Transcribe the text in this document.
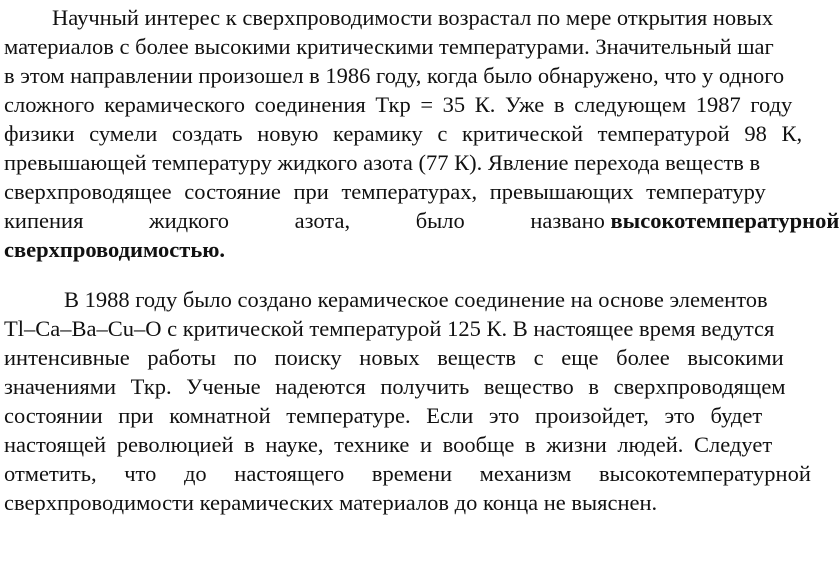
Научный интерес к сверхпроводимости возрастал по мере открытия новых
материалов с более высокими критическими температурами. Значительный шаг
в этом направлении произошел в 1986 году, когда было обнаружено, что у одного
сложного керамического соединения Ткр = 35 К. Уже в следующем 1987 году
физики сумели создать новую керамику с критической температурой 98 К,
превышающей температуру жидкого азота (77 К). Явление перехода веществ в
сверхпроводящее состояние при температурах, превышающих температуру
кипения жидкого азота, было названо высокотемпературной
сверхпроводимостью.
В 1988 году было создано керамическое соединение на основе элементов
Tl–Ca–Ba–Cu–O с критической температурой 125 К. В настоящее время ведутся
интенсивные работы по поиску новых веществ с еще более высокими
значениями Ткр. Ученые надеются получить вещество в сверхпроводящем
состоянии при комнатной температуре. Если это произойдет, это будет
настоящей революцией в науке, технике и вообще в жизни людей. Следует
отметить, что до настоящего времени механизм высокотемпературной
сверхпроводимости керамических материалов до конца не выяснен.
